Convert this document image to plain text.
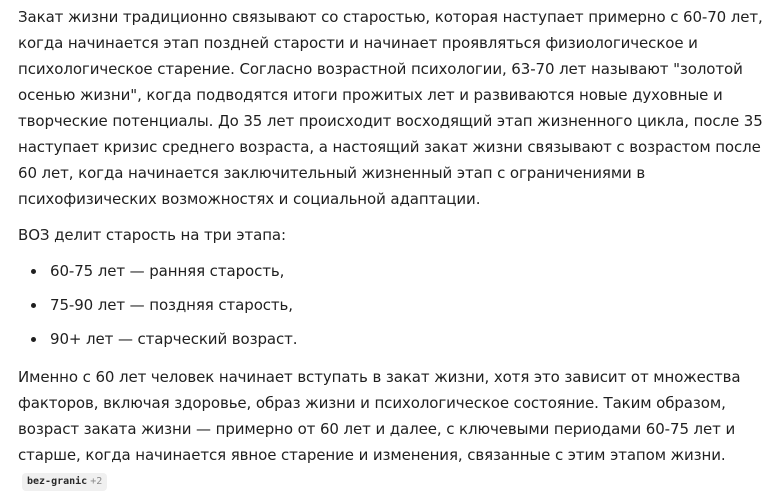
Закат жизни традиционно связывают со старостью, которая наступает примерно с 60-70 лет, когда начинается этап поздней старости и начинает проявляться физиологическое и психологическое старение. Согласно возрастной психологии, 63-70 лет называют "золотой осенью жизни", когда подводятся итоги прожитых лет и развиваются новые духовные и творческие потенциалы. До 35 лет происходит восходящий этап жизненного цикла, после 35 наступает кризис среднего возраста, а настоящий закат жизни связывают с возрастом после 60 лет, когда начинается заключительный жизненный этап с ограничениями в психофизических возможностях и социальной адаптации.

ВОЗ делит старость на три этапа:

60-75 лет — ранняя старость,
75-90 лет — поздняя старость,
90+ лет — старческий возраст.

Именно с 60 лет человек начинает вступать в закат жизни, хотя это зависит от множества факторов, включая здоровье, образ жизни и психологическое состояние. Таким образом, возраст заката жизни — примерно от 60 лет и далее, с ключевыми периодами 60-75 лет и старше, когда начинается явное старение и изменения, связанные с этим этапом жизни.bez-granic +2
